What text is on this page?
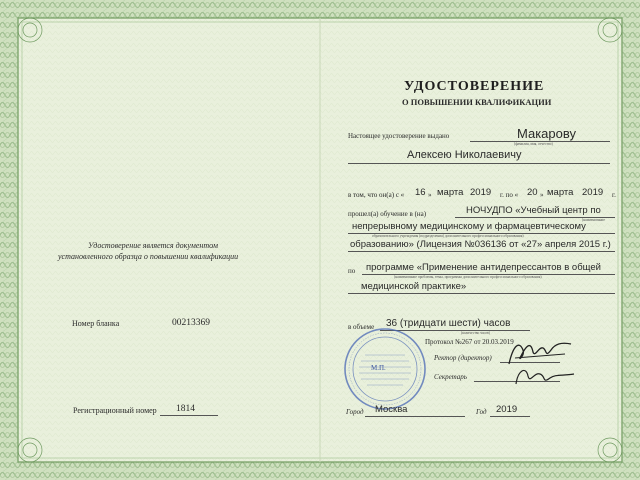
УДОСТОВЕРЕНИЕ
О ПОВЫШЕНИИ КВАЛИФИКАЦИИ
Удостоверение является документом
установленного образца о повышении квалификации
Номер бланка	00213369
Регистрационный номер 1814
Настоящее удостоверение выдано	Макарову
(фамилия, имя, отчество)
Алексею Николаевичу
в том, что он(а) с « 16 » марта 2019 г. по « 20 » марта 2019 г.
прошел(а) обучение в (на)	НОЧУДПО «Учебный центр по
(наименование
непрерывному медицинскому и фармацевтическому
образовательного учреждения (подразделения) дополнительного профессионального образования)
образованию» (Лицензия №036136 от «27» апреля 2015 г.)
по программе «Применение антидепрессантов в общей
(наименование проблемы, темы, программы дополнительного профессионального образования)
медицинской практике»
в объеме 36 (тридцати шести) часов
(количество часов)
Протокол №267 от 20.03.2019
М.П.
Ректор (директор)
Секретарь
Город Москва	Год 2019
